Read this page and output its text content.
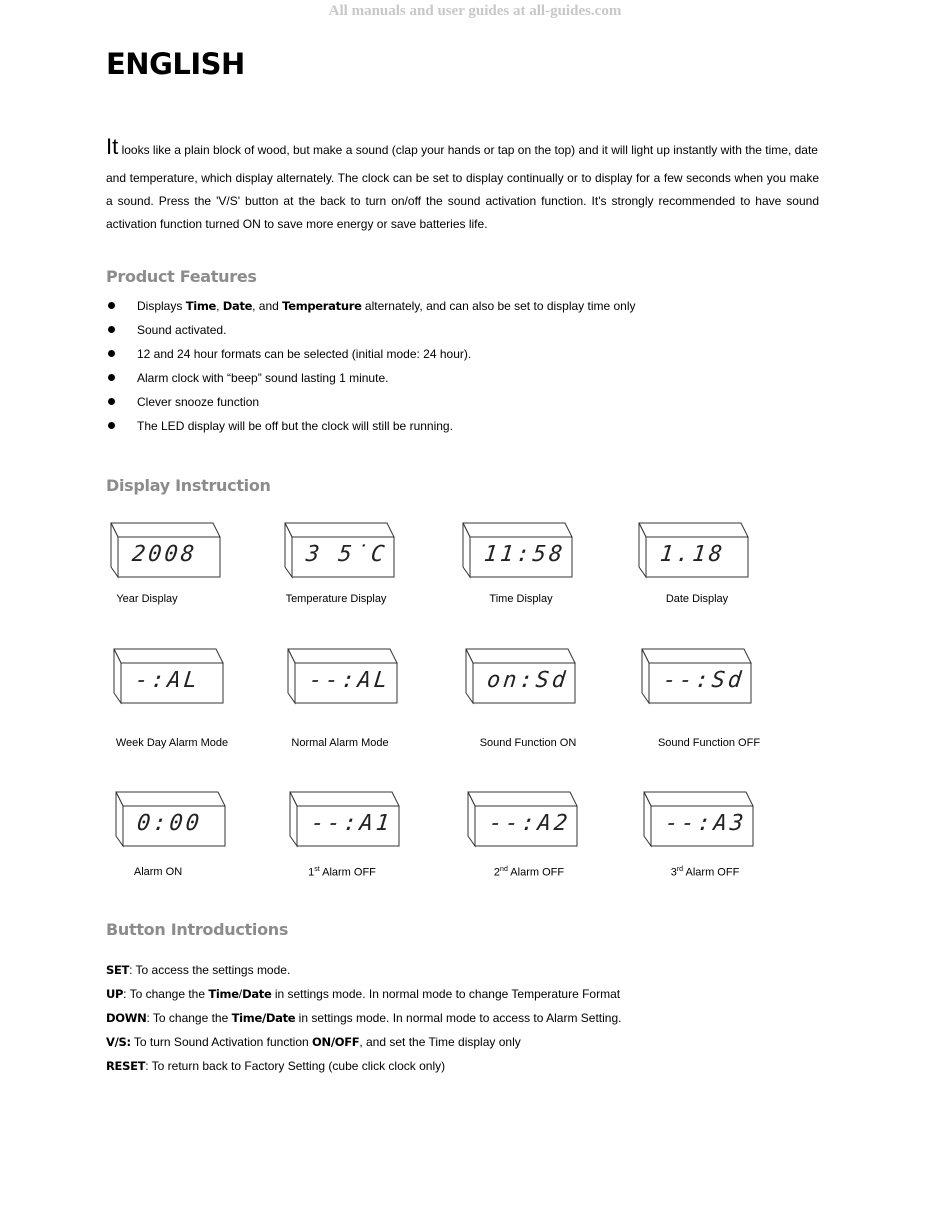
All manuals and user guides at all-guides.com
ENGLISH
It looks like a plain block of wood, but make a sound (clap your hands or tap on the top) and it will light up instantly with the time, date
and temperature, which display alternately. The clock can be set to display continually or to display for a few seconds when you make a sound. Press the 'V/S' button at the back to turn on/off the sound activation function. It's strongly recommended to have sound activation function turned ON to save more energy or save batteries life.
Product Features
Displays Time, Date, and Temperature alternately, and can also be set to display time only
Sound activated.
12 and 24 hour formats can be selected (initial mode: 24 hour).
Alarm clock with “beep” sound lasting 1 minute.
Clever snooze function
The LED display will be off but the clock will still be running.
Display Instruction
2008
Year Display
3 5˙C
Temperature Display
11:58
Time Display
1.18
Date Display
-:AL
Week Day Alarm Mode
--:AL
Normal Alarm Mode
on:Sd
Sound Function ON
--:Sd
Sound Function OFF
0:00
Alarm ON
--:A1
1st Alarm OFF
--:A2
2nd Alarm OFF
--:A3
3rd Alarm OFF
Button Introductions
SET: To access the settings mode.
UP: To change the Time/Date in settings mode. In normal mode to change Temperature Format
DOWN: To change the Time/Date in settings mode. In normal mode to access to Alarm Setting.
V/S: To turn Sound Activation function ON/OFF, and set the Time display only
RESET: To return back to Factory Setting (cube click clock only)
